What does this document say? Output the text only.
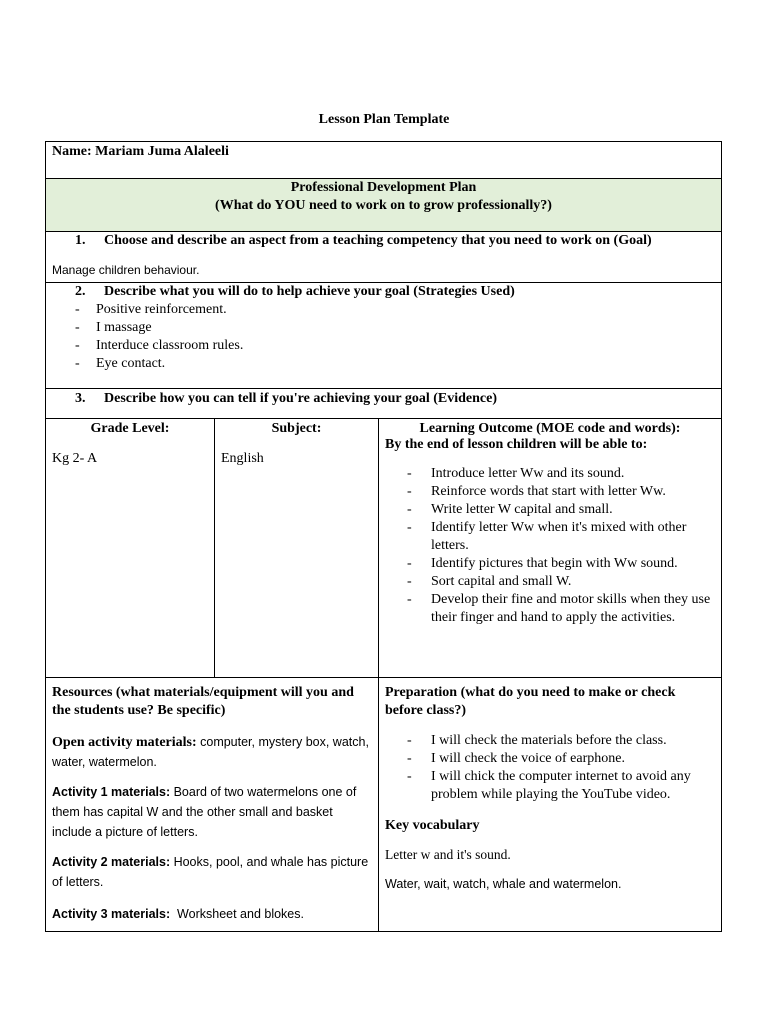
Lesson Plan Template
Name: Mariam Juma Alaleeli
Professional Development Plan
(What do YOU need to work on to grow professionally?)
1. Choose and describe an aspect from a teaching competency that you need to work on (Goal)
Manage children behaviour.
2. Describe what you will do to help achieve your goal (Strategies Used)
- Positive reinforcement.
- I massage
- Interduce classroom rules.
- Eye contact.
3. Describe how you can tell if you're achieving your goal (Evidence)
Grade Level:
Kg 2- A
Subject:
English
Learning Outcome (MOE code and words):
By the end of lesson children will be able to:
- Introduce letter Ww and its sound.
- Reinforce words that start with letter Ww.
- Write letter W capital and small.
- Identify letter Ww when it's mixed with other letters.
- Identify pictures that begin with Ww sound.
- Sort capital and small W.
- Develop their fine and motor skills when they use their finger and hand to apply the activities.

Resources (what materials/equipment will you and the students use? Be specific)

Open activity materials: computer, mystery box, watch, water, watermelon.

Activity 1 materials: Board of two watermelons one of them has capital W and the other small and basket include a picture of letters.

Activity 2 materials: Hooks, pool, and whale has picture of letters.

Activity 3 materials:  Worksheet and blokes.

Preparation (what do you need to make or check before class?)

- I will check the materials before the class.
- I will check the voice of earphone.
- I will chick the computer internet to avoid any problem while playing the YouTube video.

Key vocabulary

Letter w and it's sound.

Water, wait, watch, whale and watermelon.
